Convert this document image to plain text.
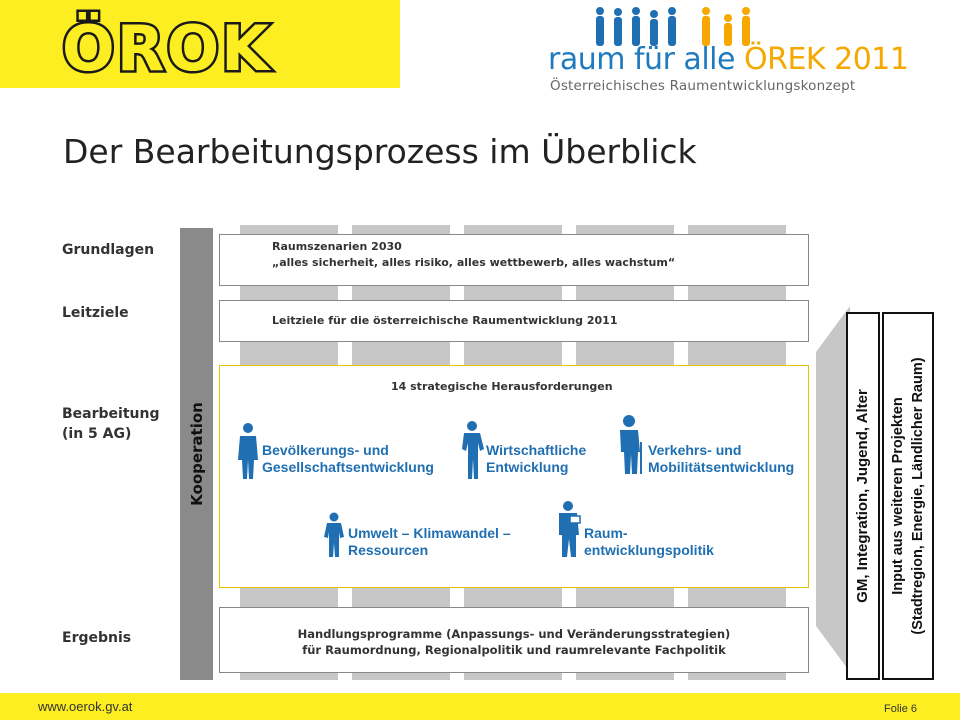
ÖROK	raum für alle ÖREK 2011
Österreichisches Raumentwicklungskonzept
Der Bearbeitungsprozess im Überblick
Grundlagen
Leitziele
Bearbeitung
(in 5 AG)
Ergebnis
Kooperation
Raumszenarien 2030
„alles sicherheit, alles risiko, alles wettbewerb, alles wachstum“
Leitziele für die österreichische Raumentwicklung 2011
14 strategische Herausforderungen
Bevölkerungs- und
Gesellschaftsentwicklung
Wirtschaftliche
Entwicklung
Verkehrs- und
Mobilitätsentwicklung
Umwelt – Klimawandel –
Ressourcen
Raum-
entwicklungspolitik
Handlungsprogramme (Anpassungs- und Veränderungsstrategien)
für Raumordnung, Regionalpolitik und raumrelevante Fachpolitik
GM, Integration, Jugend, Alter Input aus weiteren Projekten (Stadtregion, Energie, Ländlicher Raum)
www.oerok.gv.at	Folie 6
